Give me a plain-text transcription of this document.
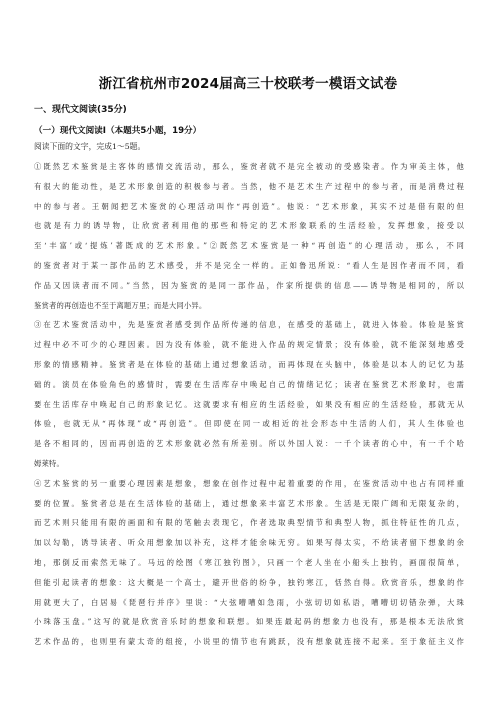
浙江省杭州市2024届高三十校联考一模语文试卷
一、现代文阅读(35分)
（一）现代文阅读Ⅰ（本题共5小题，19分）
阅读下面的文字，完成1～5题。
①既然艺术鉴赏是主客体的感情交流活动，那么，鉴赏者就不是完全被动的受感染者。作为审美主体，他
有很大的能动性，是艺术形象创造的积极参与者。当然，他不是艺术生产过程中的参与者，而是消费过程
中的参与者。王朝闻把艺术鉴赏的心理活动叫作“再创造”。他说：“艺术形象，其实不过是借有限的但
也就是有力的诱导物，让欣赏者利用他的那些和特定的艺术形象联系的生活经验，发挥想象，接受以
至‘丰富’或‘提炼’著既成的艺术形象。”②既然艺术鉴赏是一种“再创造”的心理活动，那么，不同
的鉴赏者对于某一部作品的艺术感受，并不是完全一样的。正如鲁迅所说：“看人生是因作者而不同，看
作品又因读者而不同。”当然，因为鉴赏的是同一部作品，作家所提供的信息——诱导物是相同的，所以
鉴赏者的再创造也不至于离题万里；而是大同小异。
③在艺术鉴赏活动中，先是鉴赏者感受到作品所传递的信息，在感受的基础上，就进入体验。体验是鉴赏
过程中必不可少的心理因素。因为没有体验，就不能进入作品的规定情景；没有体验，就不能深刻地感受
形象的情感精神。鉴赏者是在体验的基础上通过想象活动，而再体现在头脑中，体验是以本人的记忆为基
础的。演员在体验角色的感情时，需要在生活库存中唤起自己的情绪记忆；读者在鉴赏艺术形象时，也需
要在生活库存中唤起自己的形象记忆。这就要求有相应的生活经验，如果没有相应的生活经验，那就无从
体验，也就无从“再体现”或“再创造”。但即使在同一或相近的社会形态中生活的人们，其人生体验也
是各不相同的，因而再创造的艺术形象就必然有所差别。所以外国人说：一千个读者的心中，有一千个哈
姆莱特。
④艺术鉴赏的另一重要心理因素是想象，想象在创作过程中起着重要的作用，在鉴赏活动中也占有同样重
要的位置。鉴赏者总是在生活体验的基础上，通过想象来丰富艺术形象。生活是无限广阔和无限复杂的，
而艺术则只能用有限的画面和有限的笔触去表现它，作者选取典型情节和典型人物，抓住特征性的几点，
加以勾勒，诱导读者、听众用想象加以补充，这样才能余味无穷。如果写得太实，不给读者留下想象的余
地，那倒反而索然无味了。马远的绘图《寒江独钓图》，只画一个老人坐在小船头上独钓，画面很简单，
但能引起读者的想象：这大概是一个高士，避开世俗的纷争，独钓寒江，恬然自得。欣赏音乐，想象的作
用就更大了，白居易《琵琶行并序》里说：“大弦嘈嘈如急雨，小弦切切如私语，嘈嘈切切错杂弹，大珠
小珠落玉盘。”这写的就是欣赏音乐时的想象和联想。如果连最起码的想象力也没有，那是根本无法欣赏
艺术作品的，也则里有蒙太奇的组接，小说里的情节也有跳跃，没有想象就连接不起来。至于象征主义作
